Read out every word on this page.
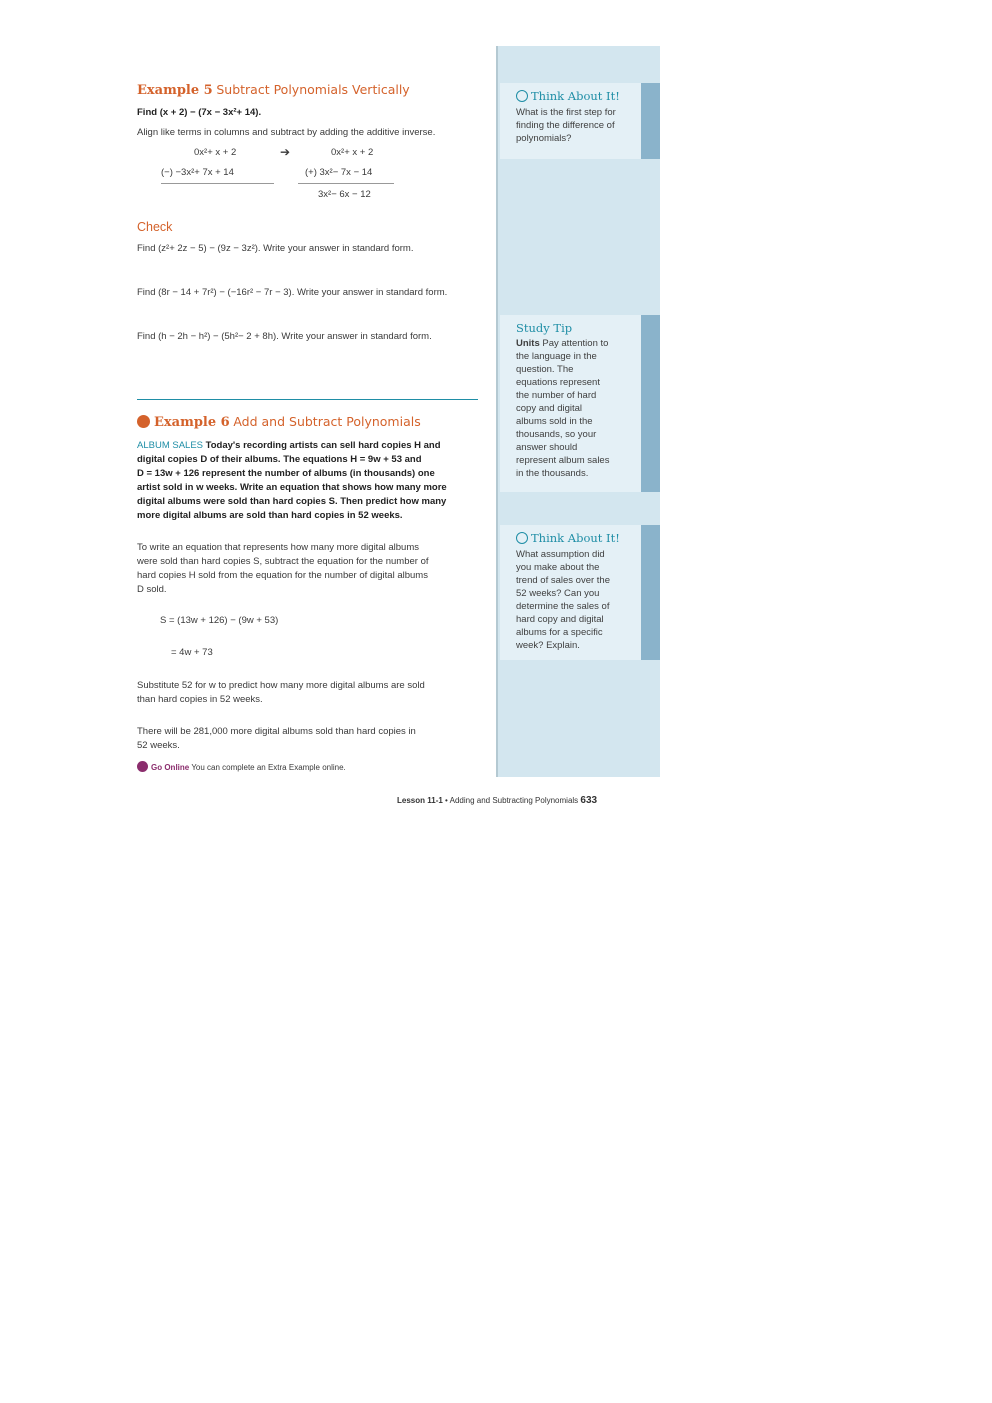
Think About It!
What is the first step for
finding the difference of
polynomials?
Study Tip
Units Pay attention to
the language in the
question. The
equations represent
the number of hard
copy and digital
albums sold in the
thousands, so your
answer should
represent album sales
in the thousands.
Think About It!
What assumption did
you make about the
trend of sales over the
52 weeks? Can you
determine the sales of
hard copy and digital
albums for a specific
week? Explain.
Example 5 Subtract Polynomials Vertically
Find (x + 2) − (7x − 3x²+ 14).
Align like terms in columns and subtract by adding the additive inverse.
0x²+ x + 2
(−) −3x²+ 7x + 14
➔	0x²+ x + 2
(+) 3x²− 7x − 14
3x²− 6x − 12
Check
Find (z²+ 2z − 5) − (9z − 3z²). Write your answer in standard form.
Find (8r − 14 + 7r²) − (−16r² − 7r − 3). Write your answer in standard form.
Find (h − 2h − h²) − (5h²− 2 + 8h). Write your answer in standard form.
Example 6 Add and Subtract Polynomials
ALBUM SALES Today's recording artists can sell hard copies H and
digital copies D of their albums. The equations H = 9w + 53 and
D = 13w + 126 represent the number of albums (in thousands) one
artist sold in w weeks. Write an equation that shows how many more
digital albums were sold than hard copies S. Then predict how many
more digital albums are sold than hard copies in 52 weeks.
To write an equation that represents how many more digital albums
were sold than hard copies S, subtract the equation for the number of
hard copies H sold from the equation for the number of digital albums
D sold.
S = (13w + 126) − (9w + 53)
= 4w + 73
Substitute 52 for w to predict how many more digital albums are sold
than hard copies in 52 weeks.
There will be 281,000 more digital albums sold than hard copies in
52 weeks.
Go Online You can complete an Extra Example online.
Lesson 11-1 • Adding and Subtracting Polynomials 633
